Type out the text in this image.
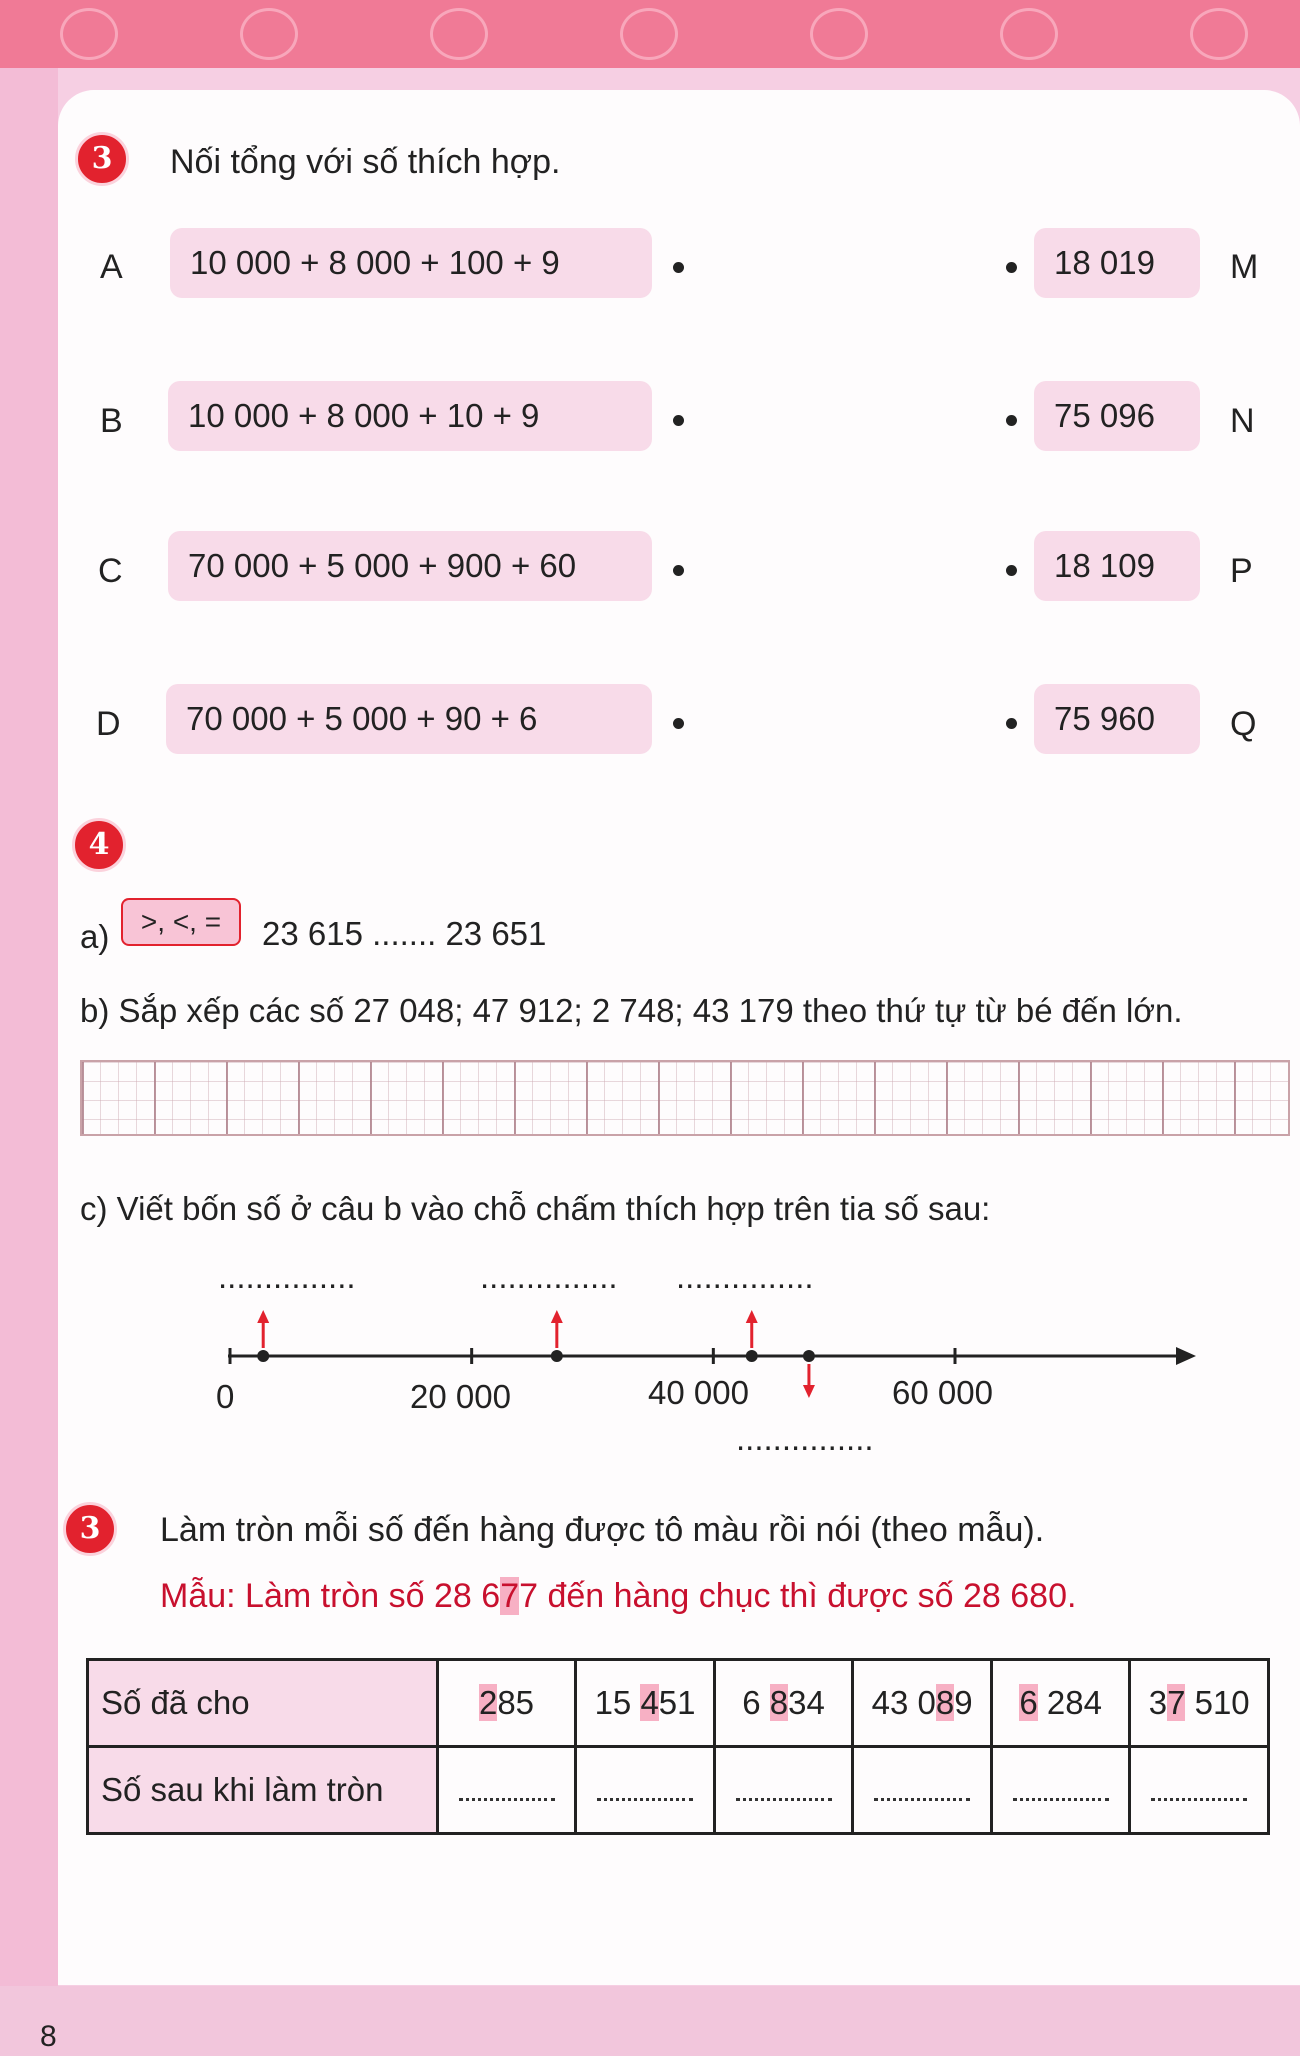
8
3	Nối tổng với số thích hợp.
A	10 000 + 8 000 + 100 + 9
B	10 000 + 8 000 + 10 + 9
C	70 000 + 5 000 + 900 + 60
D	70 000 + 5 000 + 90 + 6
18 019	M
75 096	N
18 109	P
75 960	Q
4
a)	>, <, =	23 615 ....... 23 651
b) Sắp xếp các số 27 048; 47 912; 2 748; 43 179 theo thứ tự từ bé đến lớn.
c) Viết bốn số ở câu b vào chỗ chấm thích hợp trên tia số sau:
...............	............... ...............
...............
0	20 000	40 000	60 000
3	Làm tròn mỗi số đến hàng được tô màu rồi nói (theo mẫu).
Mẫu: Làm tròn số 28 677 đến hàng chục thì được số 28 680.
Số đã cho	285	15 451	6 834	43 089	6 284	37 510
Số sau khi làm tròn						
